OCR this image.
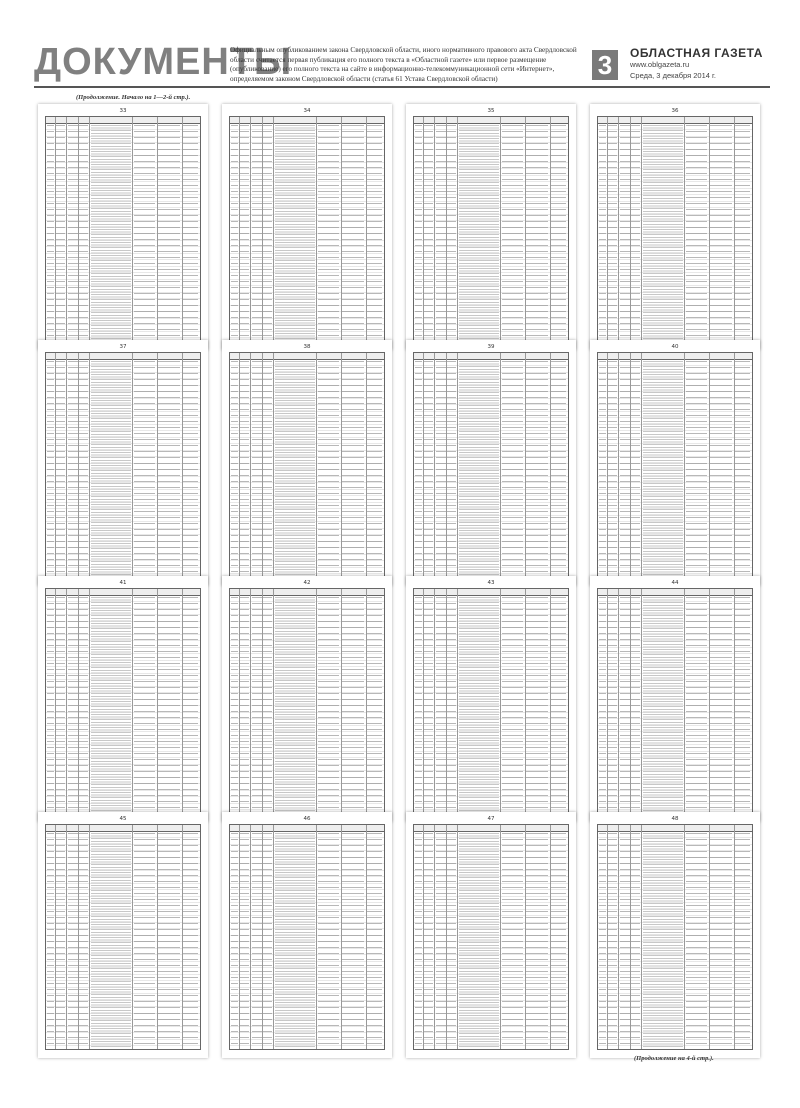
ДОКУМЕНТЫ
Официальным опубликованием закона Свердловской области, иного нормативного правового акта Свердловской области считается первая публикация его полного текста в «Областной газете» или первое размещение (опубликование) его полного текста на сайте в информационно-телекоммуникационной сети «Интернет», определяемом законом Свердловской области (статья 61 Устава Свердловской области)	3	ОБЛАСТНАЯ ГАЗЕТА
www.oblgazeta.ru
Среда, 3 декабря 2014 г.
(Продолжение. Начало на 1—2-й стр.).
33	34	35	36
37	38	39	40
41	42	43	44
45	46	47	48
(Продолжение на 4-й стр.).
